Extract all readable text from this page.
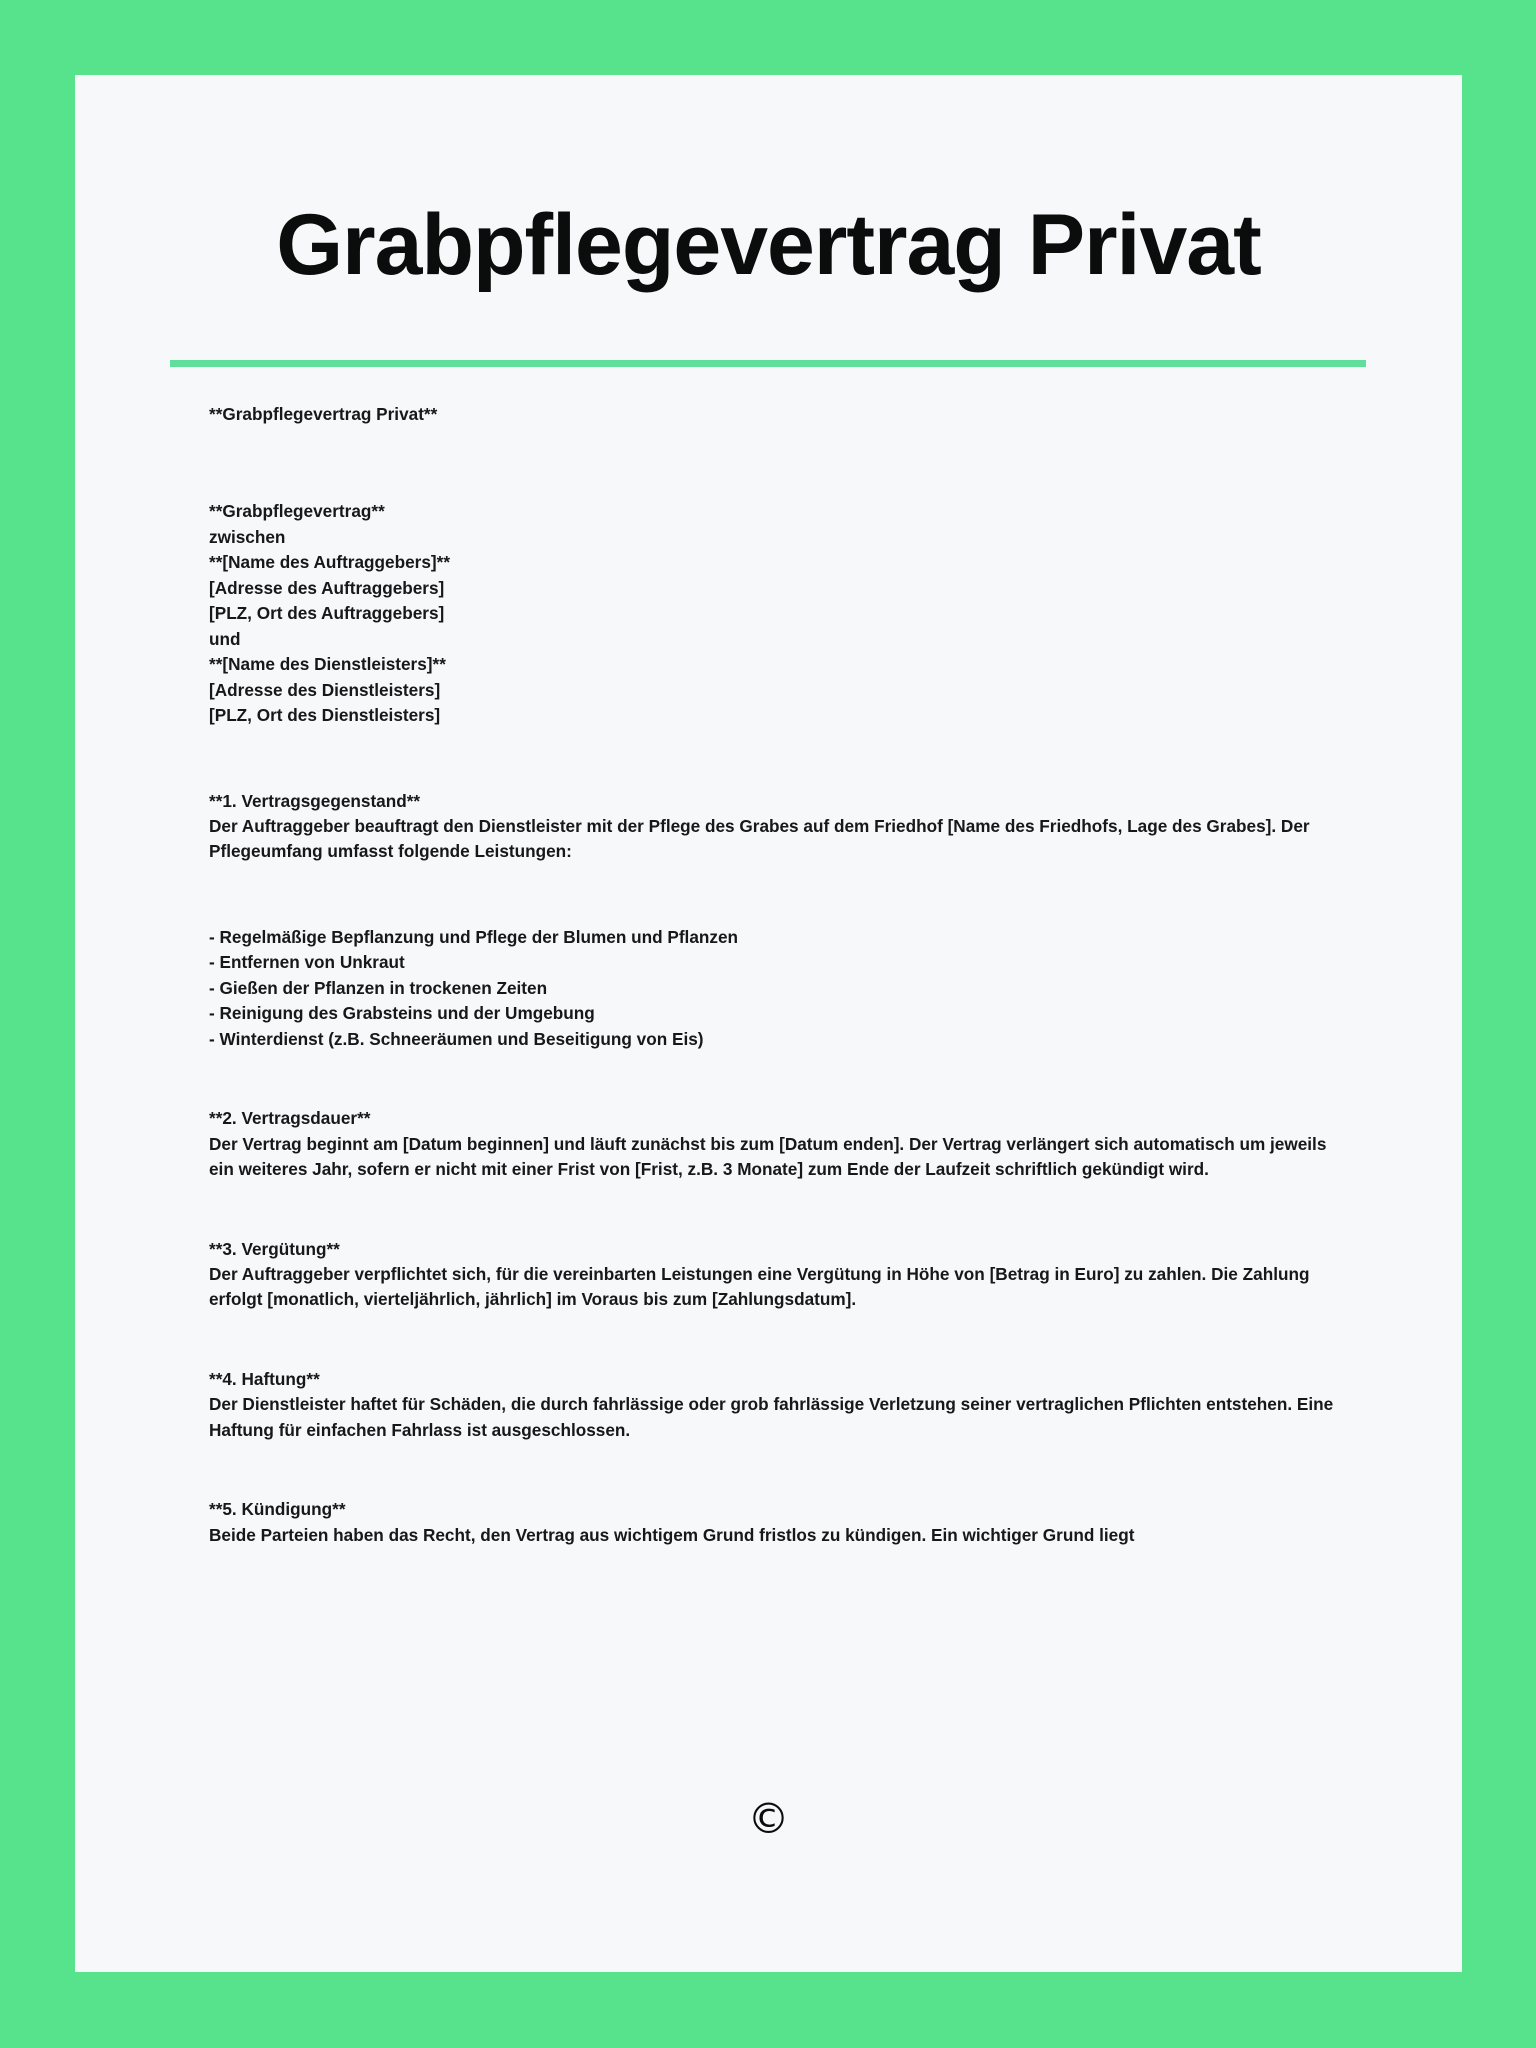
Grabpflegevertrag Privat

**Grabpflegevertrag Privat**

**Grabpflegevertrag**

zwischen

**[Name des Auftraggebers]**

[Adresse des Auftraggebers]

[PLZ, Ort des Auftraggebers]

und

**[Name des Dienstleisters]**

[Adresse des Dienstleisters]

[PLZ, Ort des Dienstleisters]

**1. Vertragsgegenstand**

Der Auftraggeber beauftragt den Dienstleister mit der Pflege des Grabes auf dem Friedhof [Name des Friedhofs, Lage des Grabes]. Der Pflegeumfang umfasst folgende Leistungen:

- Regelmäßige Bepflanzung und Pflege der Blumen und Pflanzen

- Entfernen von Unkraut

- Gießen der Pflanzen in trockenen Zeiten

- Reinigung des Grabsteins und der Umgebung

- Winterdienst (z.B. Schneeräumen und Beseitigung von Eis)

**2. Vertragsdauer**

Der Vertrag beginnt am [Datum beginnen] und läuft zunächst bis zum [Datum enden]. Der Vertrag verlängert sich automatisch um jeweils ein weiteres Jahr, sofern er nicht mit einer Frist von [Frist, z.B. 3 Monate] zum Ende der Laufzeit schriftlich gekündigt wird.

**3. Vergütung**

Der Auftraggeber verpflichtet sich, für die vereinbarten Leistungen eine Vergütung in Höhe von [Betrag in Euro] zu zahlen. Die Zahlung erfolgt [monatlich, vierteljährlich, jährlich] im Voraus bis zum [Zahlungsdatum].

**4. Haftung**

Der Dienstleister haftet für Schäden, die durch fahrlässige oder grob fahrlässige Verletzung seiner vertraglichen Pflichten entstehen. Eine Haftung für einfachen Fahrlass ist ausgeschlossen.

**5. Kündigung**

Beide Parteien haben das Recht, den Vertrag aus wichtigem Grund fristlos zu kündigen. Ein wichtiger Grund liegt

©
